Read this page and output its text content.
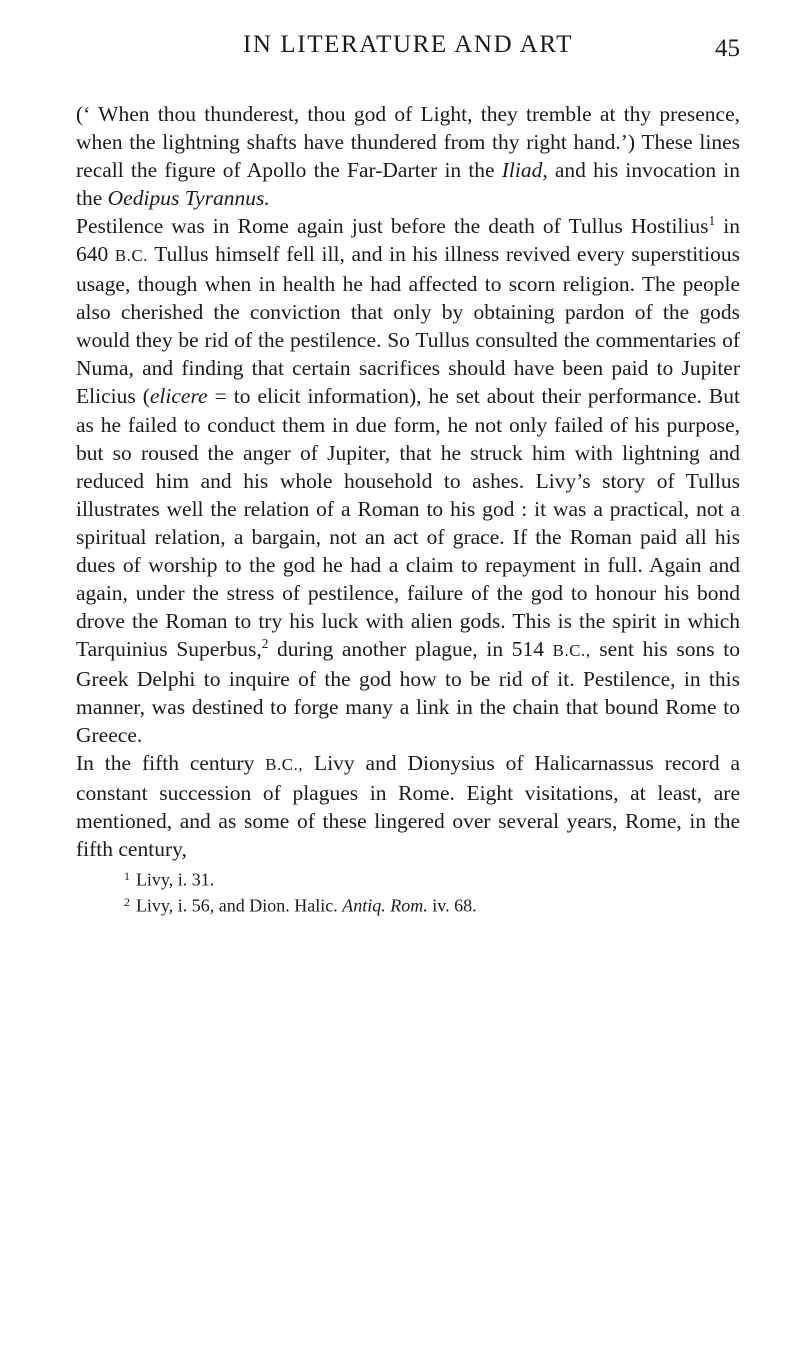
IN LITERATURE AND ART	45

(‘ When thou thunderest, thou god of Light, they tremble at thy presence, when the lightning shafts have thundered from thy right hand.’) These lines recall the figure of Apollo the Far-Darter in the Iliad, and his invocation in the Oedipus Tyrannus.

Pestilence was in Rome again just before the death of Tullus Hostilius$^1$ in 640 B.C. Tullus himself fell ill, and in his illness revived every superstitious usage, though when in health he had affected to scorn religion. The people also cherished the conviction that only by obtaining pardon of the gods would they be rid of the pestilence. So Tullus consulted the commentaries of Numa, and finding that certain sacrifices should have been paid to Jupiter Elicius (elicere = to elicit information), he set about their performance. But as he failed to conduct them in due form, he not only failed of his purpose, but so roused the anger of Jupiter, that he struck him with lightning and reduced him and his whole household to ashes. Livy’s story of Tullus illustrates well the relation of a Roman to his god : it was a practical, not a spiritual relation, a bargain, not an act of grace. If the Roman paid all his dues of worship to the god he had a claim to repayment in full. Again and again, under the stress of pestilence, failure of the god to honour his bond drove the Roman to try his luck with alien gods. This is the spirit in which Tarquinius Superbus,$^2$ during another plague, in 514 B.C., sent his sons to Greek Delphi to inquire of the god how to be rid of it. Pestilence, in this manner, was destined to forge many a link in the chain that bound Rome to Greece.

In the fifth century B.C., Livy and Dionysius of Halicarnassus record a constant succession of plagues in Rome. Eight visitations, at least, are mentioned, and as some of these lingered over several years, Rome, in the fifth century,

$^1$ Livy, i. 31.

$^2$ Livy, i. 56, and Dion. Halic. Antiq. Rom. iv. 68.
